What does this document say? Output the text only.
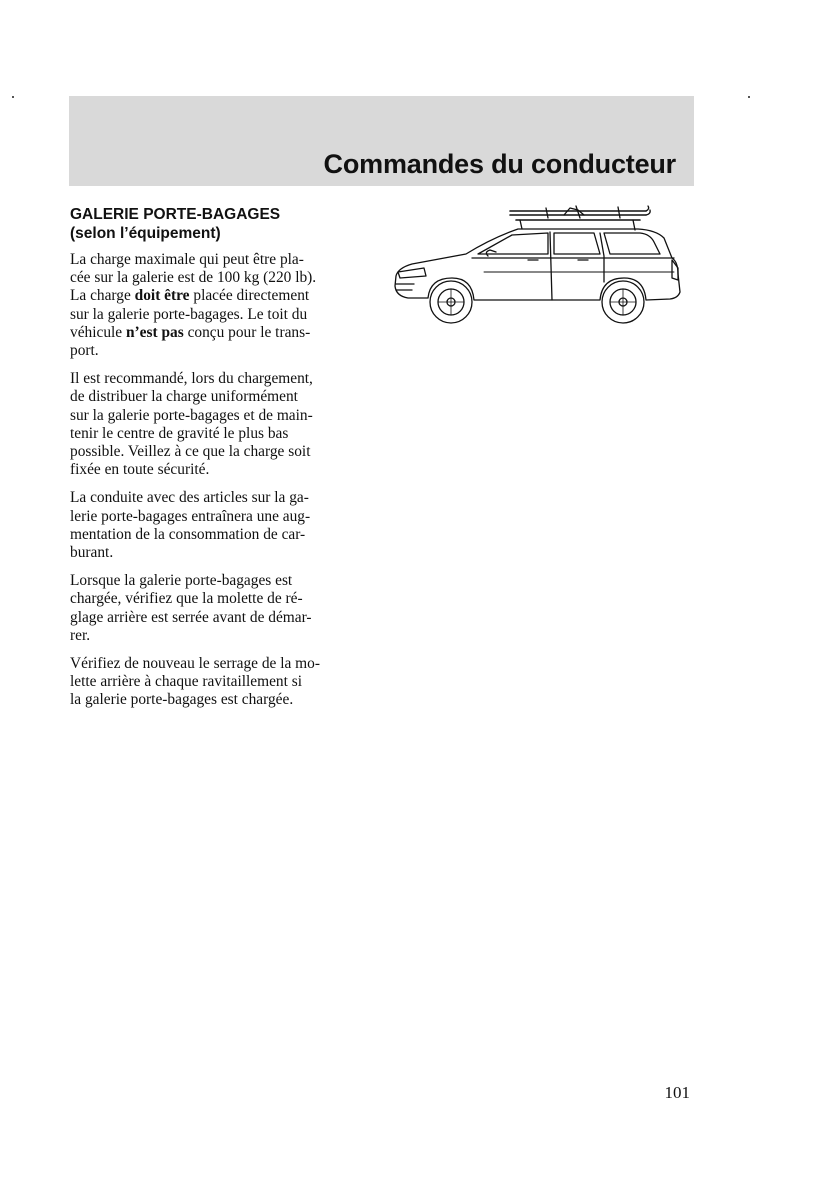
Commandes du conducteur
GALERIE PORTE-BAGAGES
(selon l’équipement)

La charge maximale qui peut être pla-
cée sur la galerie est de 100 kg (220 lb).
La charge doit être placée directement
sur la galerie porte-bagages. Le toit du
véhicule n’est pas conçu pour le trans-
port.

Il est recommandé, lors du chargement,
de distribuer la charge uniformément
sur la galerie porte-bagages et de main-
tenir le centre de gravité le plus bas
possible. Veillez à ce que la charge soit
fixée en toute sécurité.

La conduite avec des articles sur la ga-
lerie porte-bagages entraînera une aug-
mentation de la consommation de car-
burant.

Lorsque la galerie porte-bagages est
chargée, vérifiez que la molette de ré-
glage arrière est serrée avant de démar-
rer.

Vérifiez de nouveau le serrage de la mo-
lette arrière à chaque ravitaillement si
la galerie porte-bagages est chargée.

101
